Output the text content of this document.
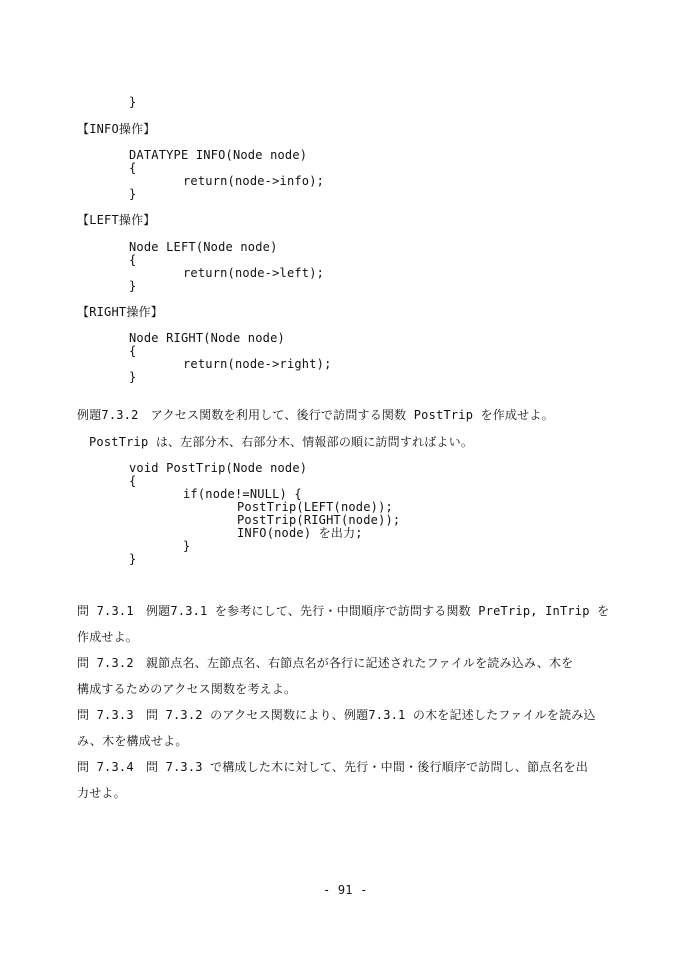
}
【INFO操作】
DATATYPE INFO(Node node)
{
return(node->info);
}
【LEFT操作】
Node LEFT(Node node)
{
return(node->left);
}
【RIGHT操作】
Node RIGHT(Node node)
{
return(node->right);
}
例題7.3.2　アクセス関数を利用して、後行で訪問する関数 PostTrip を作成せよ。
PostTrip は、左部分木、右部分木、情報部の順に訪問すればよい。
void PostTrip(Node node)
{
if(node!=NULL) {
PostTrip(LEFT(node));
PostTrip(RIGHT(node));
INFO(node) を出力;
}
}
問 7.3.1　例題7.3.1 を参考にして、先行・中間順序で訪問する関数 PreTrip, InTrip を
作成せよ。
問 7.3.2　親節点名、左節点名、右節点名が各行に記述されたファイルを読み込み、木を
構成するためのアクセス関数を考えよ。
問 7.3.3　問 7.3.2 のアクセス関数により、例題7.3.1 の木を記述したファイルを読み込
み、木を構成せよ。
問 7.3.4　問 7.3.3 で構成した木に対して、先行・中間・後行順序で訪問し、節点名を出
力せよ。
- 91 -
